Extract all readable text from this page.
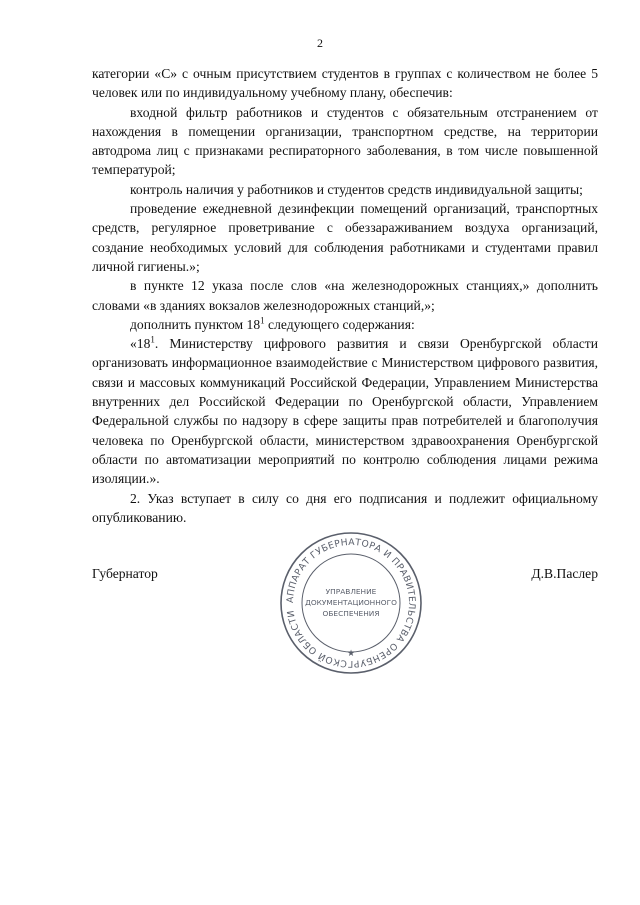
2

категории «С» с очным присутствием студентов в группах с количеством не более 5 человек или по индивидуальному учебному плану, обеспечив:

входной фильтр работников и студентов с обязательным отстранением от нахождения в помещении организации, транспортном средстве, на территории автодрома лиц с признаками респираторного заболевания, в том числе повышенной температурой;

контроль наличия у работников и студентов средств индивидуальной защиты;

проведение ежедневной дезинфекции помещений организаций, транспортных средств, регулярное проветривание с обеззараживанием воздуха организаций, создание необходимых условий для соблюдения работниками и студентами правил личной гигиены.»;

в пункте 12 указа после слов «на железнодорожных станциях,» дополнить словами «в зданиях вокзалов железнодорожных станций,»;

дополнить пунктом $18^1$ следующего содержания:

«$18^1$. Министерству цифрового развития и связи Оренбургской области организовать информационное взаимодействие с Министерством цифрового развития, связи и массовых коммуникаций Российской Федерации, Управлением Министерства внутренних дел Российской Федерации по Оренбургской области, Управлением Федеральной службы по надзору в сфере защиты прав потребителей и благополучия человека по Оренбургской области, министерством здравоохранения Оренбургской области по автоматизации мероприятий по контролю соблюдения лицами режима изоляции.».

2. Указ вступает в силу со дня его подписания и подлежит официальному опубликованию.

Губернатор	Д.В.Паслер
АППАРАТ ГУБЕРНАТОРА И ПРАВИТЕЛЬСТВА ОРЕНБУРГСКОЙ ОБЛАСТИ
УПРАВЛЕНИЕ
ДОКУМЕНТАЦИОННОГО
ОБЕСПЕЧЕНИЯ
★
